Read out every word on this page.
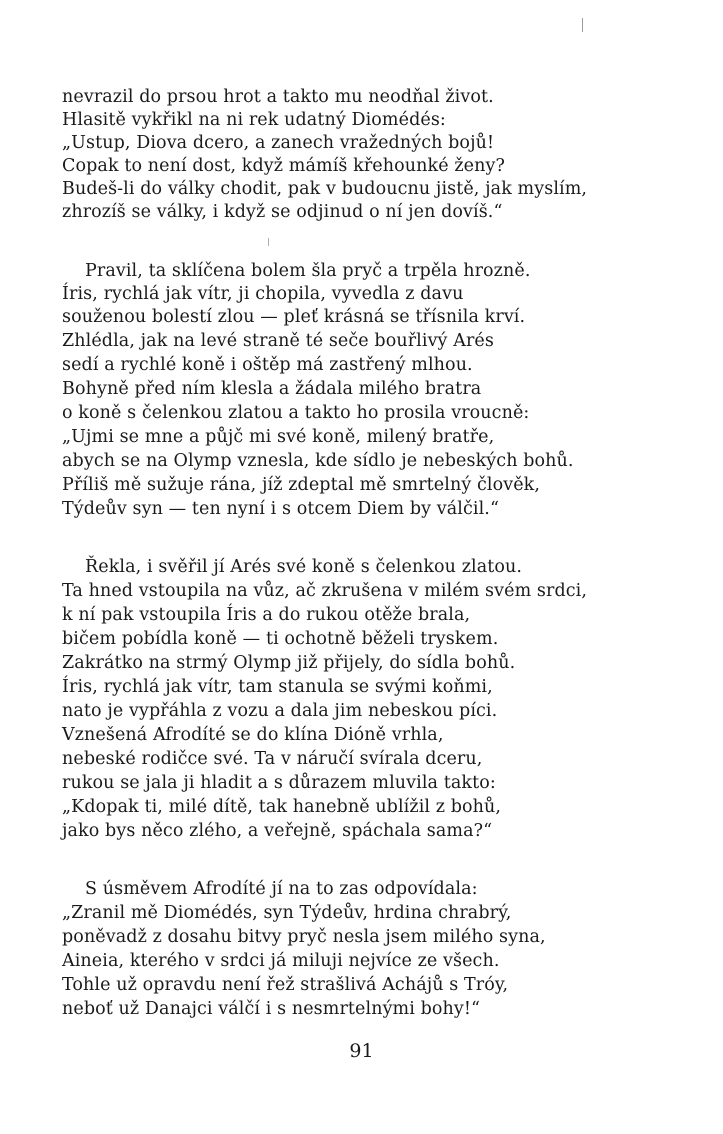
nevrazil do prsou hrot a takto mu neodňal život.
Hlasitě vykřikl na ni rek udatný Diomédés:
„Ustup, Diova dcero, a zanech vražedných bojů!
Copak to není dost, když mámíš křehounké ženy?
Budeš-li do války chodit, pak v budoucnu jistě, jak myslím,
zhrozíš se války, i když se odjinud o ní jen dovíš.“
Pravil, ta sklíčena bolem šla pryč a trpěla hrozně.
Íris, rychlá jak vítr, ji chopila, vyvedla z davu
souženou bolestí zlou — pleť krásná se třísnila krví.
Zhlédla, jak na levé straně té seče bouřlivý Arés
sedí a rychlé koně i oštěp má zastřený mlhou.
Bohyně před ním klesla a žádala milého bratra
o koně s čelenkou zlatou a takto ho prosila vroucně:
„Ujmi se mne a půjč mi své koně, milený bratře,
abych se na Olymp vznesla, kde sídlo je nebeských bohů.
Příliš mě sužuje rána, jíž zdeptal mě smrtelný člověk,
Týdeův syn — ten nyní i s otcem Diem by válčil.“
Řekla, i svěřil jí Arés své koně s čelenkou zlatou.
Ta hned vstoupila na vůz, ač zkrušena v milém svém srdci,
k ní pak vstoupila Íris a do rukou otěže brala,
bičem pobídla koně — ti ochotně běželi tryskem.
Zakrátko na strmý Olymp již přijely, do sídla bohů.
Íris, rychlá jak vítr, tam stanula se svými koňmi,
nato je vypřáhla z vozu a dala jim nebeskou píci.
Vznešená Afrodíté se do klína Dióně vrhla,
nebeské rodičce své. Ta v náručí svírala dceru,
rukou se jala ji hladit a s důrazem mluvila takto:
„Kdopak ti, milé dítě, tak hanebně ublížil z bohů,
jako bys něco zlého, a veřejně, spáchala sama?“
S úsměvem Afrodíté jí na to zas odpovídala:
„Zranil mě Diomédés, syn Týdeův, hrdina chrabrý,
poněvadž z dosahu bitvy pryč nesla jsem milého syna,
Aineia, kterého v srdci já miluji nejvíce ze všech.
Tohle už opravdu není řež strašlivá Achájů s Tróy,
neboť už Danajci válčí i s nesmrtelnými bohy!“
91
